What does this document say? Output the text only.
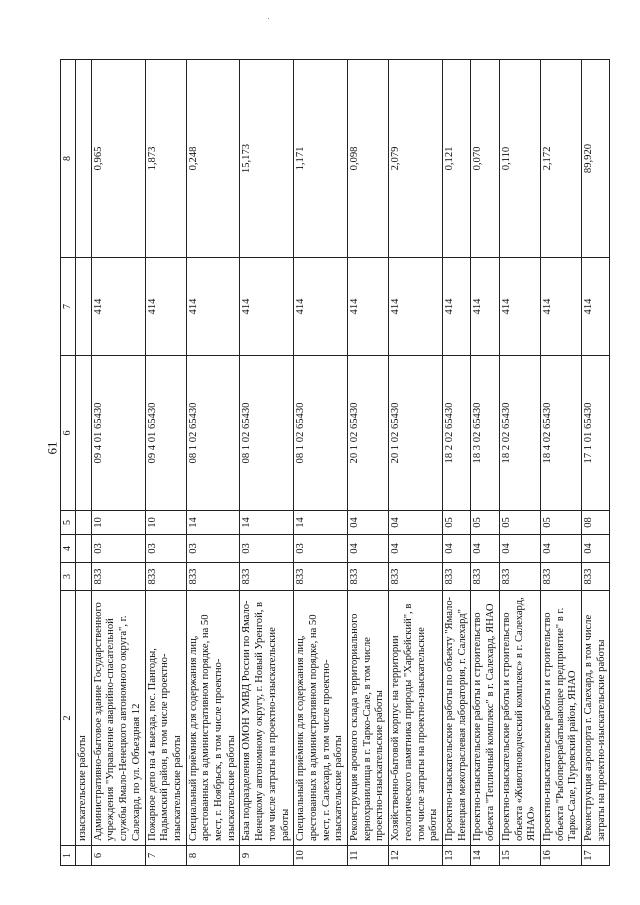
61
1	2	3	4	5	6	7	8
	изыскательские работы						
6	Административно-бытовое здание Государственного учреждения "Управление аварийно-спасательной службы Ямало-Ненецкого автономного округа", г. Салехард, по ул. Объездная 12	833	03	10	09 4 01 65430	414	0,965
7	Пожарное депо на 4 выезда, пос. Пангоды, Надымский район, в том числе проектно-изыскательские работы	833	03	10	09 4 01 65430	414	1,873
8	Специальный приёмник для содержания лиц, арестованных в административном порядке, на 50 мест, г. Ноябрьск, в том числе проектно-изыскательские работы	833	03	14	08 1 02 65430	414	0,248
9	База подразделения ОМОН УМВД России по Ямало-Ненецкому автономному округу, г. Новый Уренгой, в том числе затраты на проектно-изыскательские работы	833	03	14	08 1 02 65430	414	15,173
10	Специальный приёмник для содержания лиц, арестованных в административном порядке, на 50 мест, г. Салехард, в том числе проектно-изыскательские работы	833	03	14	08 1 02 65430	414	1,171
11	Реконструкция арочного склада территориального кернохранилища в г. Тарко-Сале, в том числе проектно-изыскательские работы	833	04	04	20 1 02 65430	414	0,098
12	Хозяйственно-бытовой корпус на территории геологического памятника природы "Харбейский", в том числе затраты на проектно-изыскательские работы	833	04	04	20 1 02 65430	414	2,079
13	Проектно-изыскательские работы по объекту "Ямало-Ненецкая межотраслевая лаборатория, г. Салехард"	833	04	05	18 2 02 65430	414	0,121
14	Проектно-изыскательские работы и строительство объекта "Тепличный комплекс" в г. Салехард, ЯНАО	833	04	05	18 3 02 65430	414	0,070
15	Проектно-изыскательские работы и строительство объекта «Животноводческий комплекс» в г. Салехард, ЯНАО»	833	04	05	18 2 02 65430	414	0,110
16	Проектно-изыскательские работы и строительство объекта "Рыбоперерабатывающее предприятие" в г. Тарко-Сале, Пуровский район, ЯНАО	833	04	05	18 4 02 65430	414	2,172
17	Реконструкция аэропорта г. Салехард, в том числе затраты на проектно-изыскательские работы	833	04	08	17 1 01 65430	414	89,920
